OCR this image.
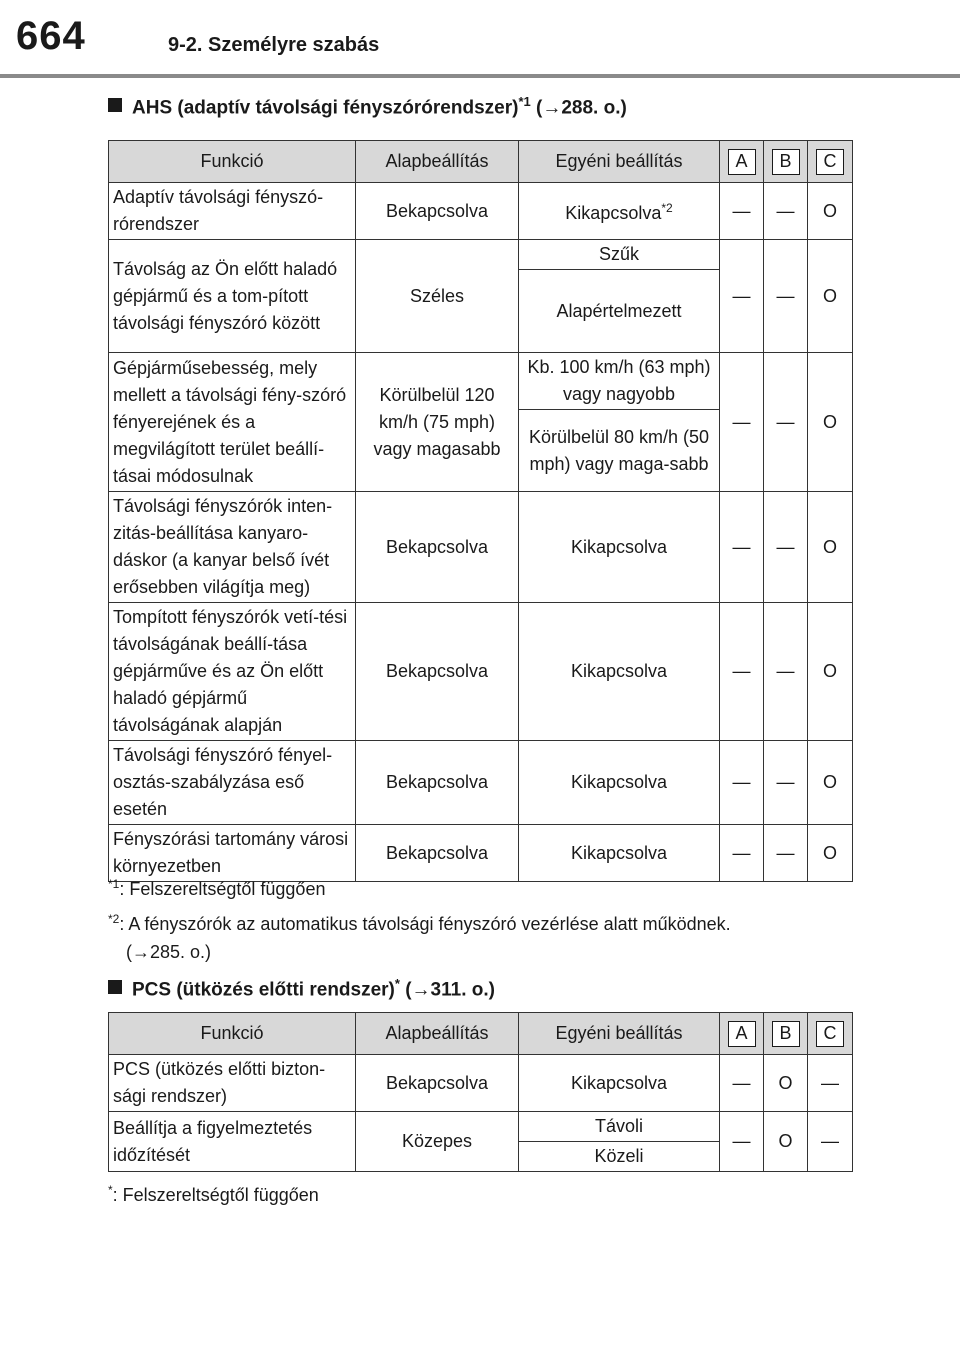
664	9-2. Személyre szabás
AHS (adaptív távolsági fényszórórendszer)$^{*1}$ (→288. o.)
Funkció	Alapbeállítás	Egyéni beállítás	A	B	C
Adaptív távolsági fényszó-rórendszer	Bekapcsolva	Kikapcsolva$^{*2}$	—	—	O
Távolság az Ön előtt haladó gépjármű és a tom-pított távolsági fényszóró között	Széles	Szűk	—	—	O
		Alapértelmezett			
Gépjárműsebesség, mely mellett a távolsági fény-szóró fényerejének és a megvilágított terület beállí-tásai módosulnak	Körülbelül 120 km/h (75 mph) vagy magasabb	Kb. 100 km/h (63 mph) vagy nagyobb	—	—	O
		Körülbelül 80 km/h (50 mph) vagy maga-sabb			
Távolsági fényszórók inten-zitás-beállítása kanyaro-dáskor (a kanyar belső ívét erősebben világítja meg)	Bekapcsolva	Kikapcsolva	—	—	O
Tompított fényszórók vetí-tési távolságának beállí-tása gépjárműve és az Ön előtt haladó gépjármű távolságának alapján	Bekapcsolva	Kikapcsolva	—	—	O
Távolsági fényszóró fényel-osztás-szabályzása eső esetén	Bekapcsolva	Kikapcsolva	—	—	O
Fényszórási tartomány városi környezetben	Bekapcsolva	Kikapcsolva	—	—	O
$^{*1}$: Felszereltségtől függően
$^{*2}$: A fényszórók az automatikus távolsági fényszóró vezérlése alatt működnek.
(→285. o.)
PCS (ütközés előtti rendszer)* (→311. o.)
Funkció	Alapbeállítás	Egyéni beállítás	A	B	C
PCS (ütközés előtti bizton-sági rendszer)	Bekapcsolva	Kikapcsolva	—	O	—
Beállítja a figyelmeztetés időzítését	Közepes	Távoli	—	O	—
		Közeli			
*: Felszereltségtől függően
